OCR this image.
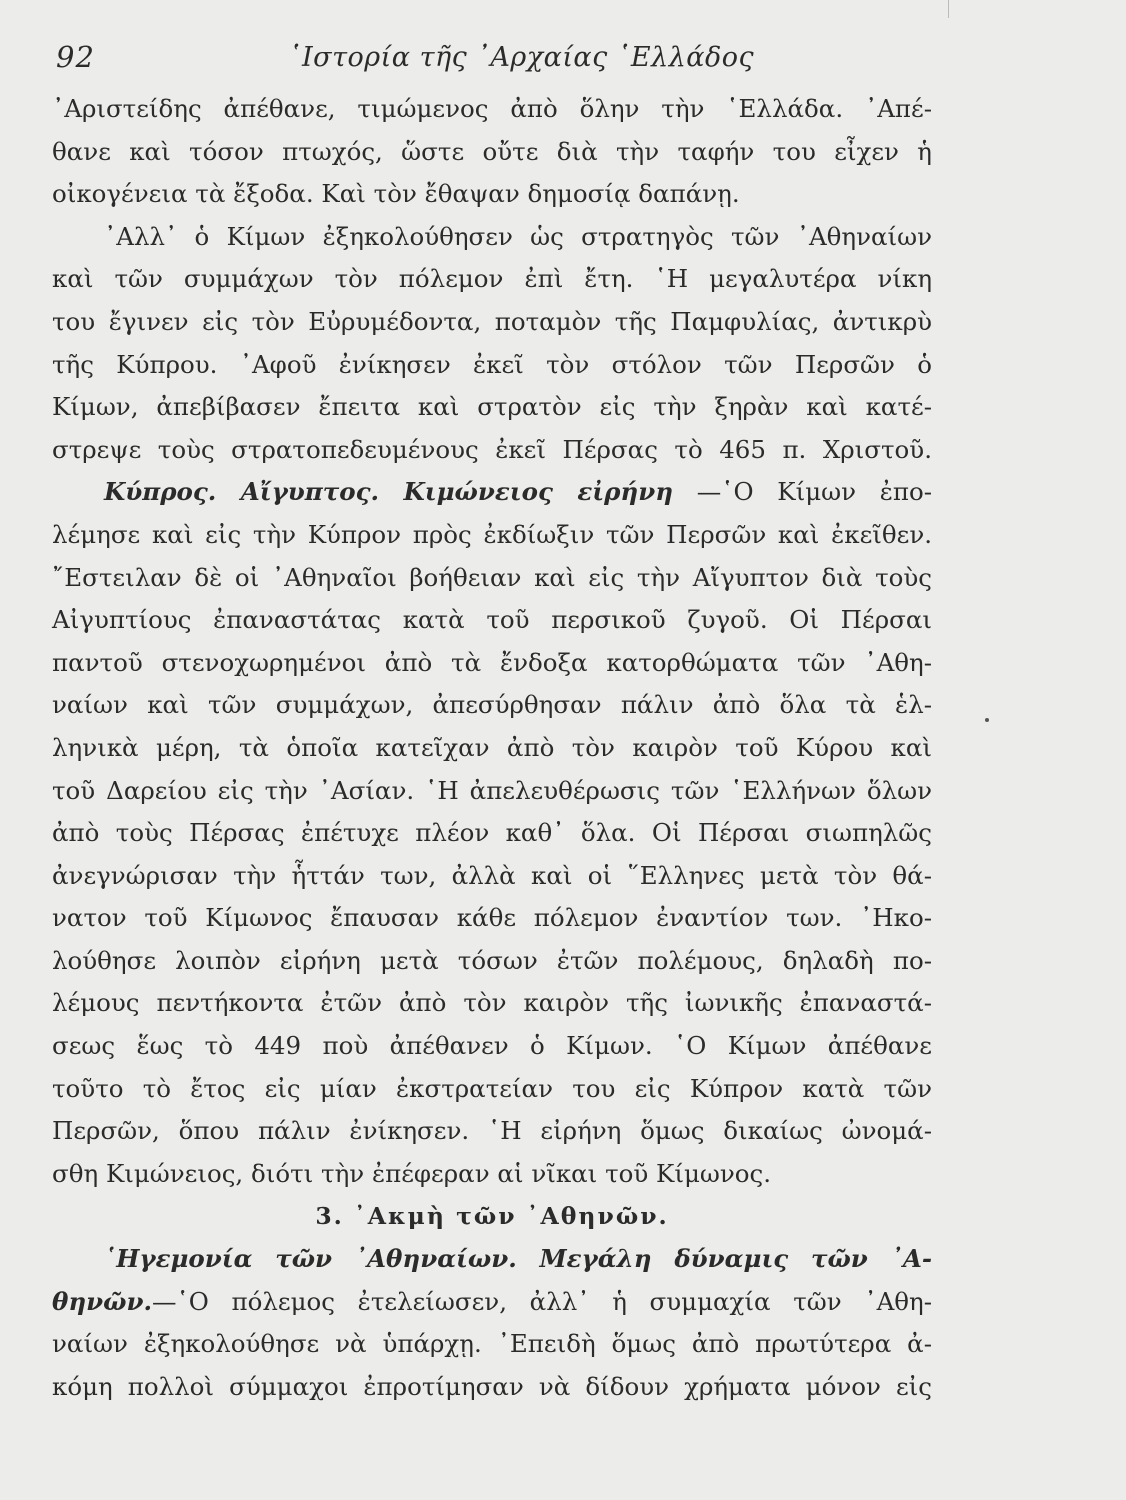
92	῾Ιστορία τῆς ᾿Αρχαίας ῾Ελλάδος
᾿Αριστείδης ἀπέθανε, τιμώμενος ἀπὸ ὅλην τὴν ῾Ελλάδα. ᾿Απέ-
θανε καὶ τόσον πτωχός, ὥστε οὔτε διὰ τὴν ταφήν του εἶχεν ἡ
οἰκογένεια τὰ ἔξοδα. Καὶ τὸν ἔθαψαν δημοσίᾳ δαπάνῃ.
᾿Αλλ᾿ ὁ Κίμων ἐξηκολούθησεν ὡς στρατηγὸς τῶν ᾿Αθηναίων
καὶ τῶν συμμάχων τὸν πόλεμον ἐπὶ ἔτη. ῾Η μεγαλυτέρα νίκη
του ἔγινεν εἰς τὸν Εὐρυμέδοντα, ποταμὸν τῆς Παμφυλίας, ἀντικρὺ
τῆς Κύπρου. ᾿Αφοῦ ἐνίκησεν ἐκεῖ τὸν στόλον τῶν Περσῶν ὁ
Κίμων, ἀπεβίβασεν ἔπειτα καὶ στρατὸν εἰς τὴν ξηρὰν καὶ κατέ-
στρεψε τοὺς στρατοπεδευμένους ἐκεῖ Πέρσας τὸ 465 π. Χριστοῦ.
Κύπρος. Αἴγυπτος. Κιμώνειος εἰρήνη —῾Ο Κίμων ἐπο-
λέμησε καὶ εἰς τὴν Κύπρον πρὸς ἐκδίωξιν τῶν Περσῶν καὶ ἐκεῖθεν.
῎Εστειλαν δὲ οἱ ᾿Αθηναῖοι βοήθειαν καὶ εἰς τὴν Αἴγυπτον διὰ τοὺς
Αἰγυπτίους ἐπαναστάτας κατὰ τοῦ περσικοῦ ζυγοῦ. Οἱ Πέρσαι
παντοῦ στενοχωρημένοι ἀπὸ τὰ ἔνδοξα κατορθώματα τῶν ᾿Αθη-
ναίων καὶ τῶν συμμάχων, ἀπεσύρθησαν πάλιν ἀπὸ ὅλα τὰ ἑλ-
ληνικὰ μέρη, τὰ ὁποῖα κατεῖχαν ἀπὸ τὸν καιρὸν τοῦ Κύρου καὶ
τοῦ Δαρείου εἰς τὴν ᾿Ασίαν. ῾Η ἀπελευθέρωσις τῶν ῾Ελλήνων ὅλων
ἀπὸ τοὺς Πέρσας ἐπέτυχε πλέον καθ᾿ ὅλα. Οἱ Πέρσαι σιωπηλῶς
ἀνεγνώρισαν τὴν ἧττάν των, ἀλλὰ καὶ οἱ ῞Ελληνες μετὰ τὸν θά-
νατον τοῦ Κίμωνος ἔπαυσαν κάθε πόλεμον ἐναντίον των. ᾿Ηκο-
λούθησε λοιπὸν εἰρήνη μετὰ τόσων ἐτῶν πολέμους, δηλαδὴ πο-
λέμους πεντήκοντα ἐτῶν ἀπὸ τὸν καιρὸν τῆς ἰωνικῆς ἐπαναστά-
σεως ἕως τὸ 449 ποὺ ἀπέθανεν ὁ Κίμων. ῾Ο Κίμων ἀπέθανε
τοῦτο τὸ ἔτος εἰς μίαν ἐκστρατείαν του εἰς Κύπρον κατὰ τῶν
Περσῶν, ὅπου πάλιν ἐνίκησεν. ῾Η εἰρήνη ὅμως δικαίως ὠνομά-
σθη Κιμώνειος, διότι τὴν ἐπέφεραν αἱ νῖκαι τοῦ Κίμωνος.
3. ᾿Ακμὴ τῶν ᾿Αθηνῶν.
῾Ηγεμονία τῶν ᾿Αθηναίων. Μεγάλη δύναμις τῶν ᾿Α-
θηνῶν.—῾Ο πόλεμος ἐτελείωσεν, ἀλλ᾿ ἡ συμμαχία τῶν ᾿Αθη-
ναίων ἐξηκολούθησε νὰ ὑπάρχῃ. ᾿Επειδὴ ὅμως ἀπὸ πρωτύτερα ἀ-
κόμη πολλοὶ σύμμαχοι ἐπροτίμησαν νὰ δίδουν χρήματα μόνον εἰς
